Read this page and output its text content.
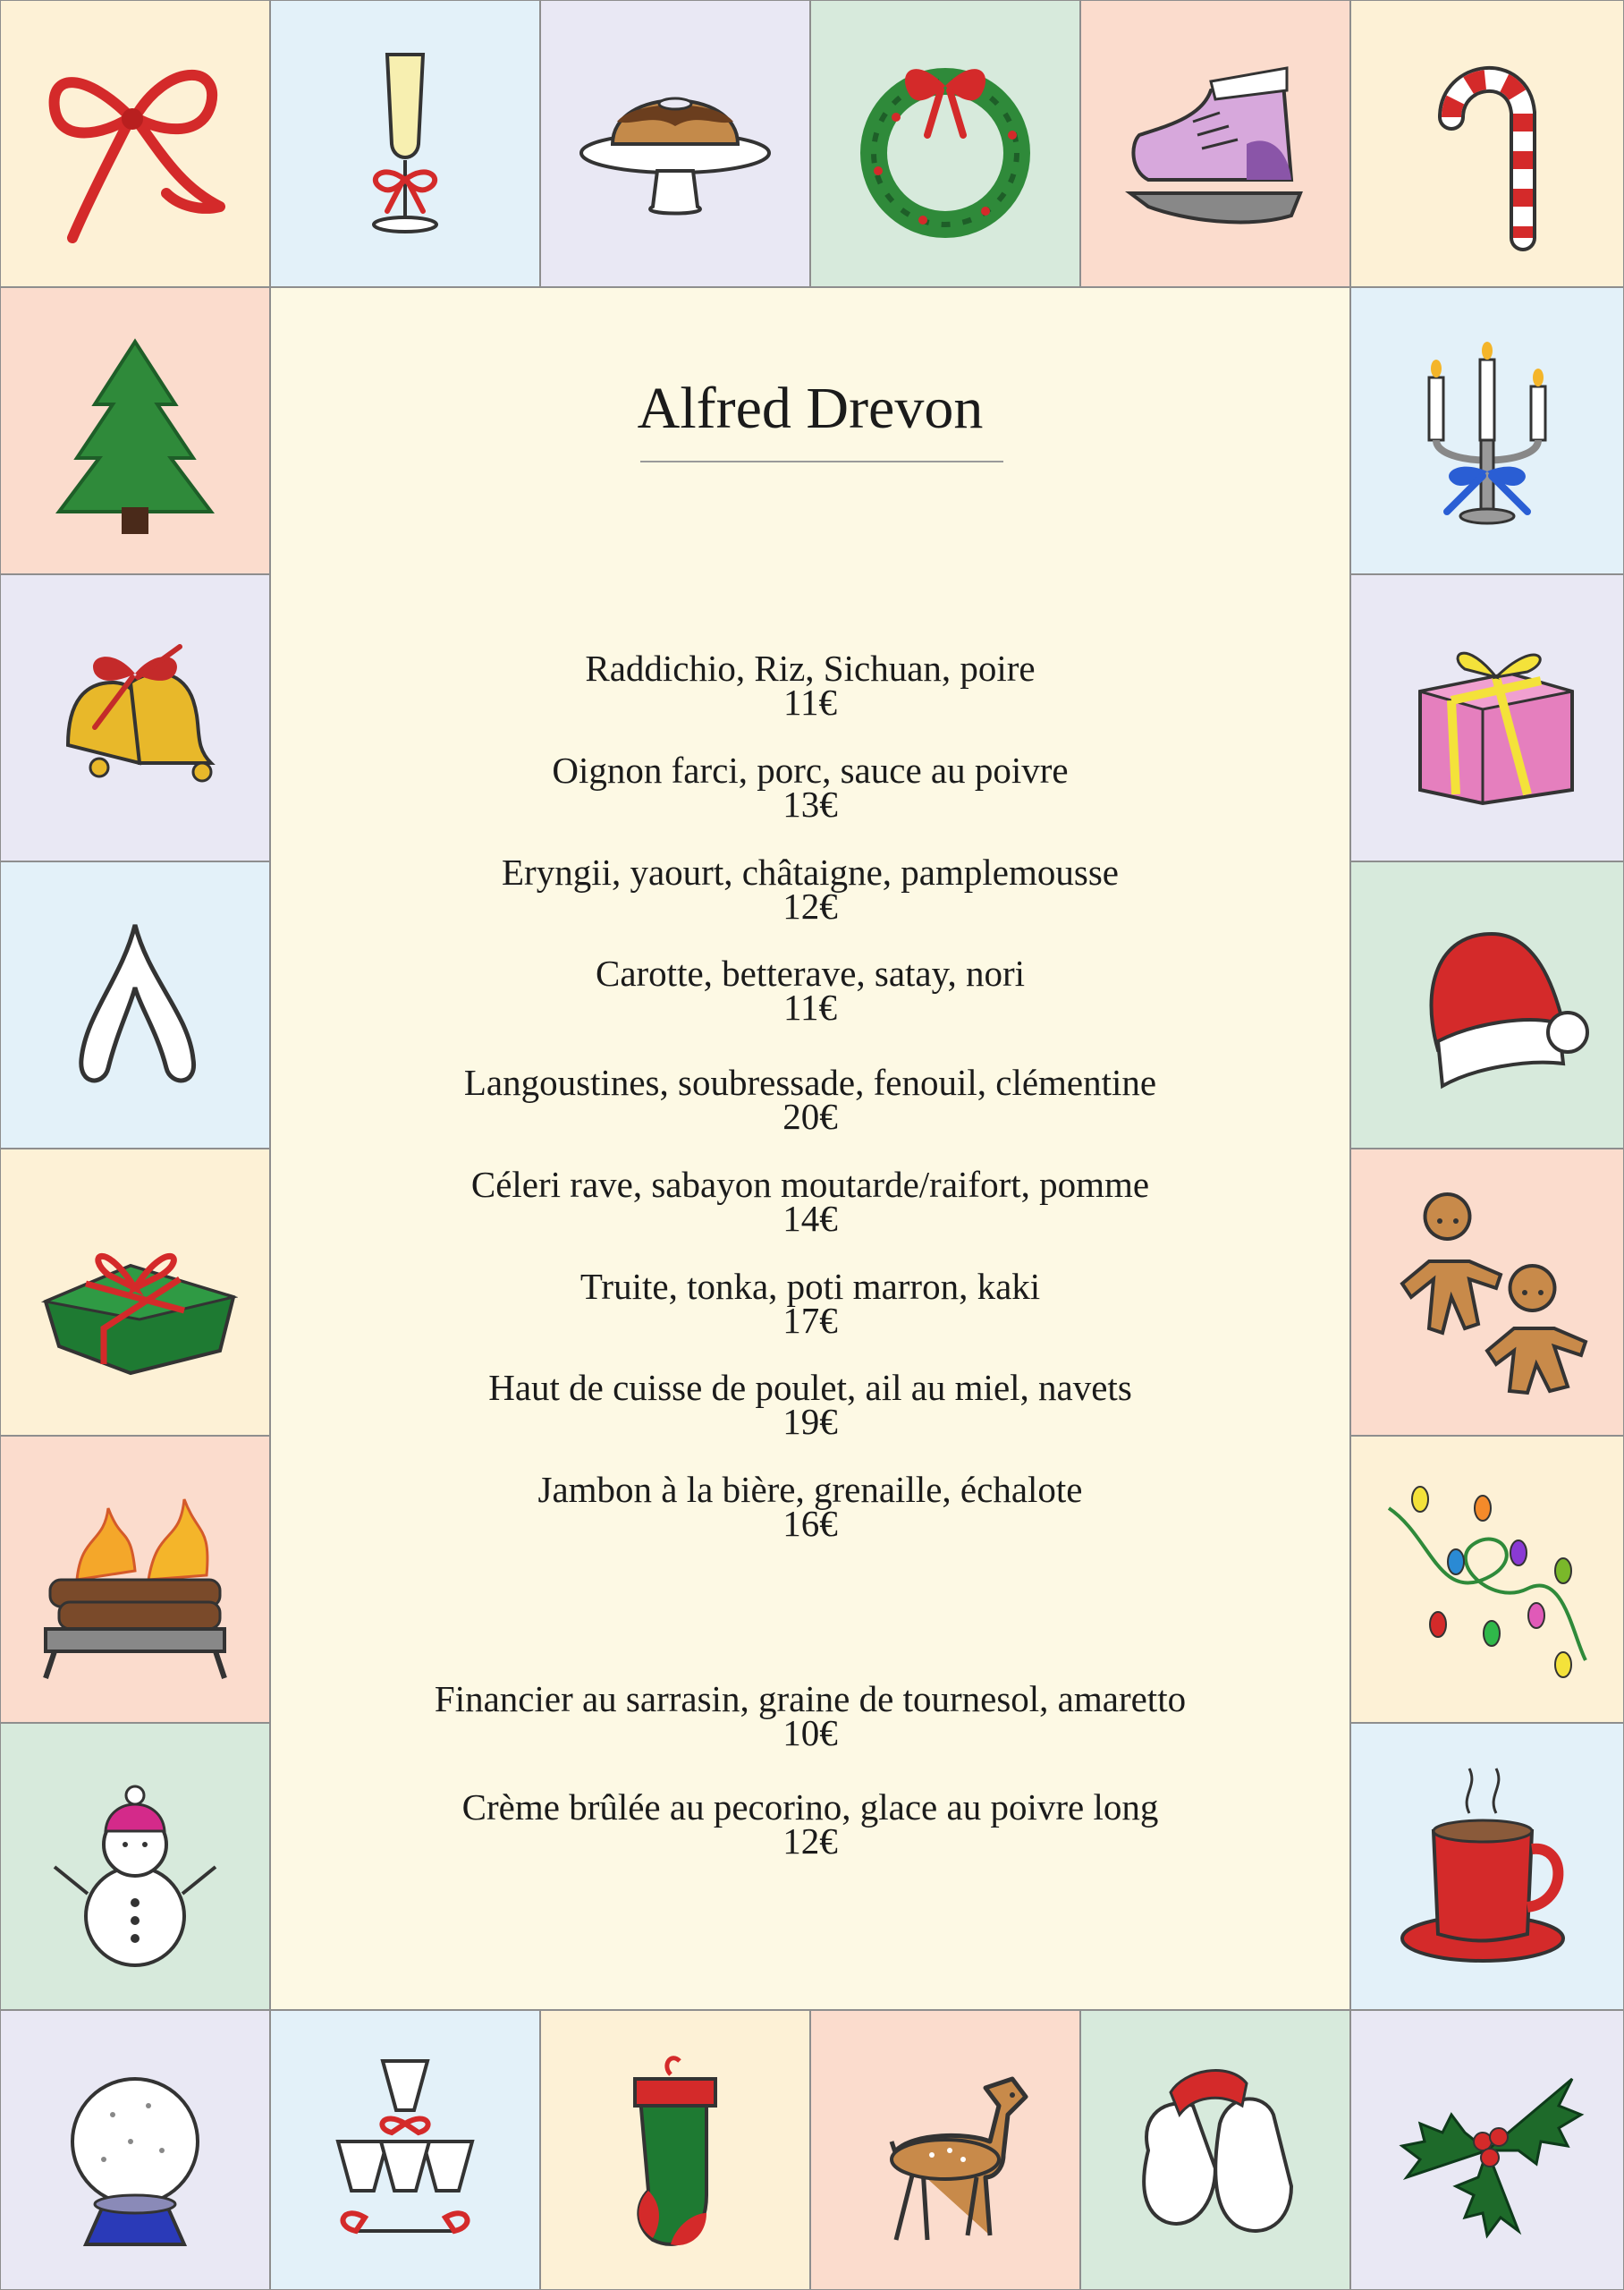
Alfred Drevon
Raddichio, Riz, Sichuan, poire
11€
Oignon farci, porc, sauce au poivre
13€
Eryngii, yaourt, châtaigne, pamplemousse
12€
Carotte, betterave, satay, nori
11€
Langoustines, soubressade, fenouil, clémentine
20€
Céleri rave, sabayon moutarde/raifort, pomme
14€
Truite, tonka, poti marron, kaki
17€
Haut de cuisse de poulet, ail au miel, navets
19€
Jambon à la bière, grenaille, échalote
16€
Financier au sarrasin, graine de tournesol, amaretto
10€
Crème brûlée au pecorino, glace au poivre long
12€
